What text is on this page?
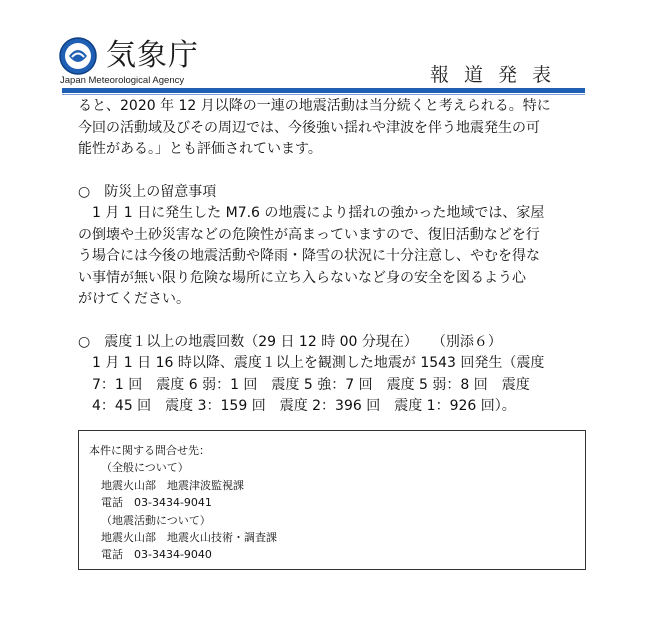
気象庁
Japan Meteorological Agency	報道発表

ると、2020 年 12 月以降の一連の地震活動は当分続くと考えられる。特に

今回の活動域及びその周辺では、今後強い揺れや津波を伴う地震発生の可

能性がある。」とも評価されています。

○　防災上の留意事項

　1 月 1 日に発生した M7.6 の地震により揺れの強かった地域では、家屋

の倒壊や土砂災害などの危険性が高まっていますので、復旧活動などを行

う場合には今後の地震活動や降雨・降雪の状況に十分注意し、やむを得な

い事情が無い限り危険な場所に立ち入らないなど身の安全を図るよう心

がけてください。

○　震度１以上の地震回数（29 日 12 時 00 分現在）　　（別添６）

　1 月 1 日 16 時以降、震度１以上を観測した地震が 1543 回発生（震度

　7：1 回　震度 6 弱：1 回　震度 5 強：7 回　震度 5 弱：8 回　震度

　4：45 回　震度 3：159 回　震度 2：396 回　震度 1：926 回）。

本件に関する問合せ先：
（全般について）
地震火山部　地震津波監視課
電話　03-3434-9041
（地震活動について）
地震火山部　地震火山技術・調査課
電話　03-3434-9040
